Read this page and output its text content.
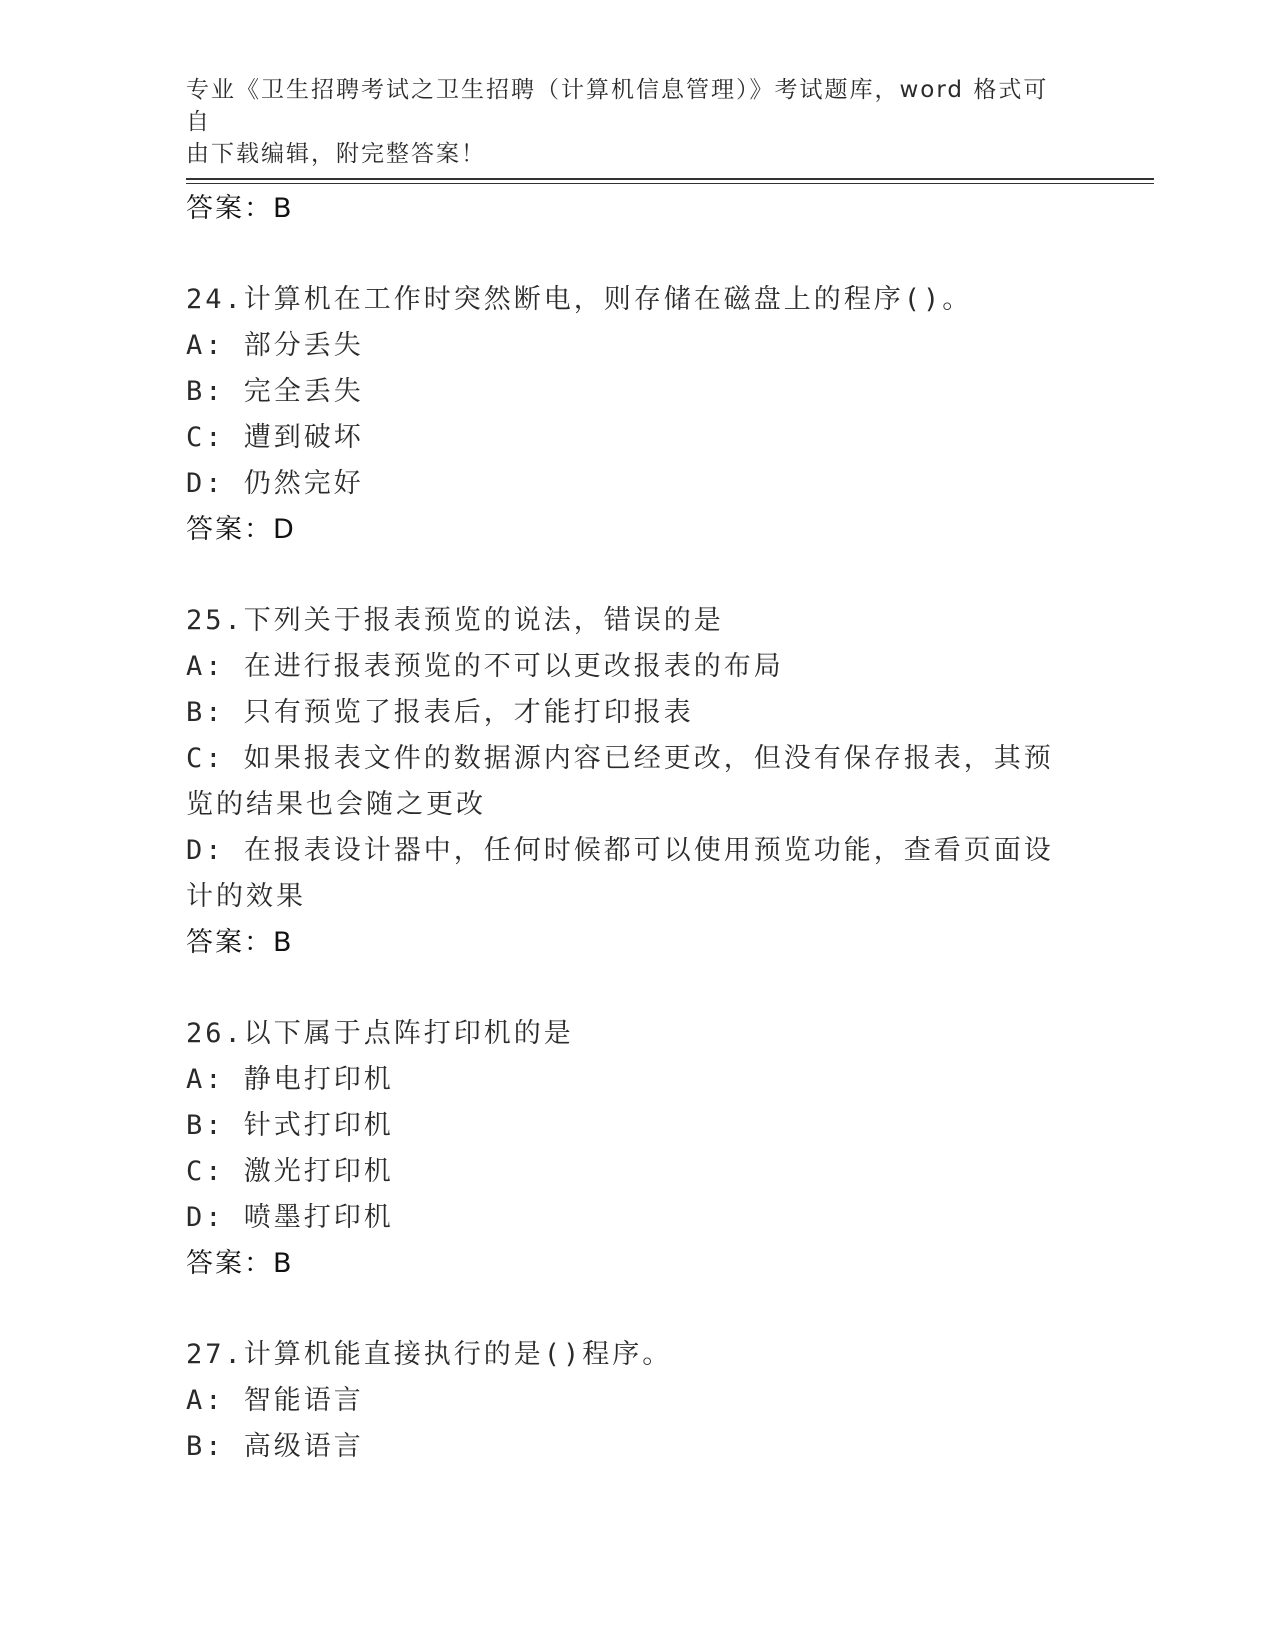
专业《卫生招聘考试之卫生招聘（计算机信息管理）》考试题库，word 格式可自
由下载编辑，附完整答案！

答案：B

24.计算机在工作时突然断电，则存储在磁盘上的程序()。

A: 部分丢失

B: 完全丢失

C: 遭到破坏

D: 仍然完好

答案：D

25.下列关于报表预览的说法，错误的是

A: 在进行报表预览的不可以更改报表的布局

B: 只有预览了报表后，才能打印报表

C: 如果报表文件的数据源内容已经更改，但没有保存报表，其预览的结果也会随之更改

D: 在报表设计器中，任何时候都可以使用预览功能，查看页面设计的效果

答案：B

26.以下属于点阵打印机的是

A: 静电打印机

B: 针式打印机

C: 激光打印机

D: 喷墨打印机

答案：B

27.计算机能直接执行的是()程序。

A: 智能语言

B: 高级语言
